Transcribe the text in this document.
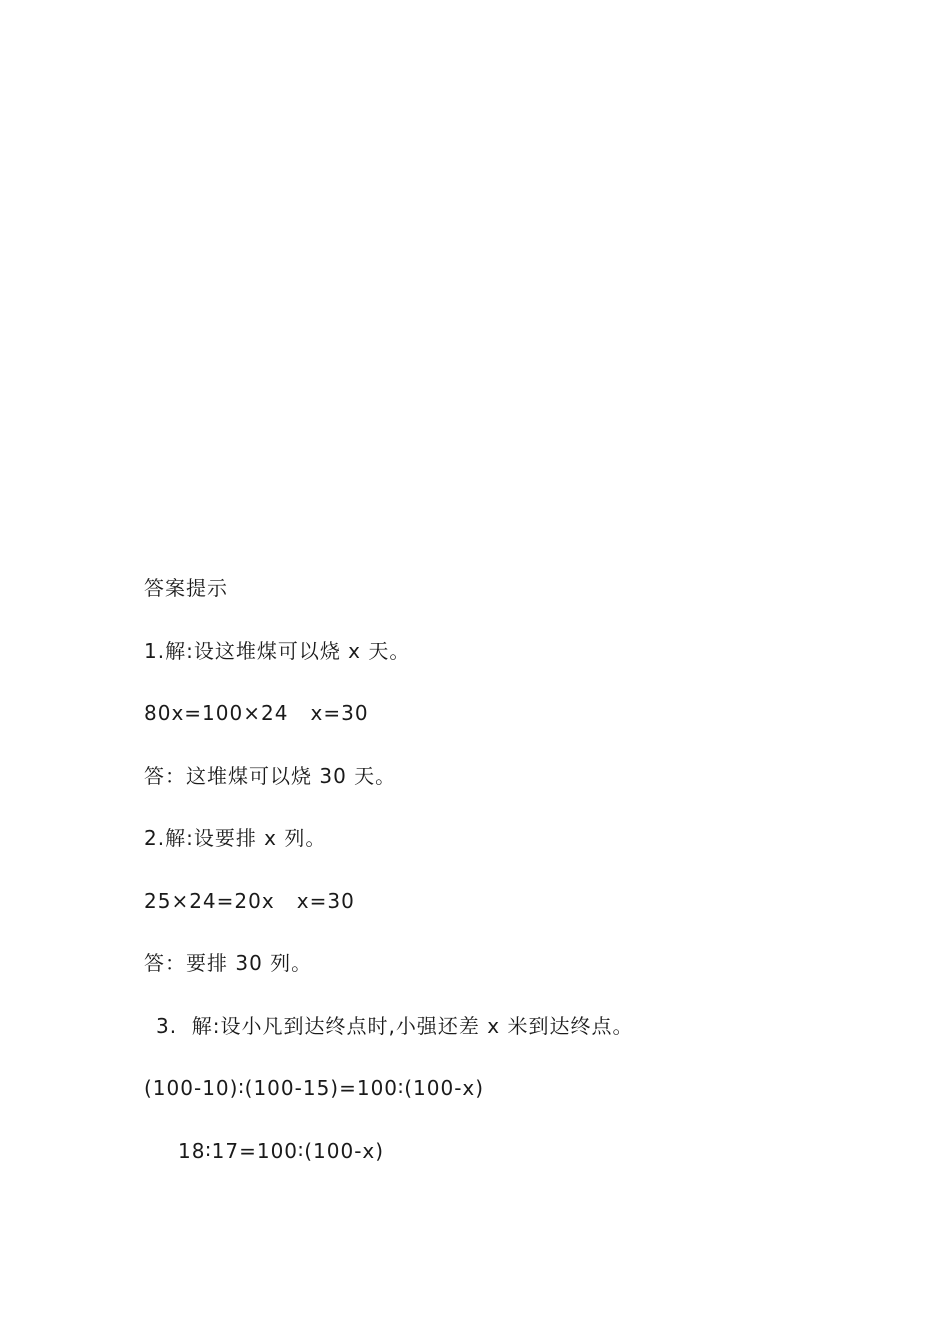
答案提示
1.解:设这堆煤可以烧 x 天。
80x=100×24   x=30
答：这堆煤可以烧 30 天。
2.解:设要排 x 列。
25×24=20x   x=30
答：要排 30 列。
3.  解:设小凡到达终点时,小强还差 x 米到达终点。
(100-10)∶(100-15)=100∶(100-x)
18∶17=100∶(100-x)
